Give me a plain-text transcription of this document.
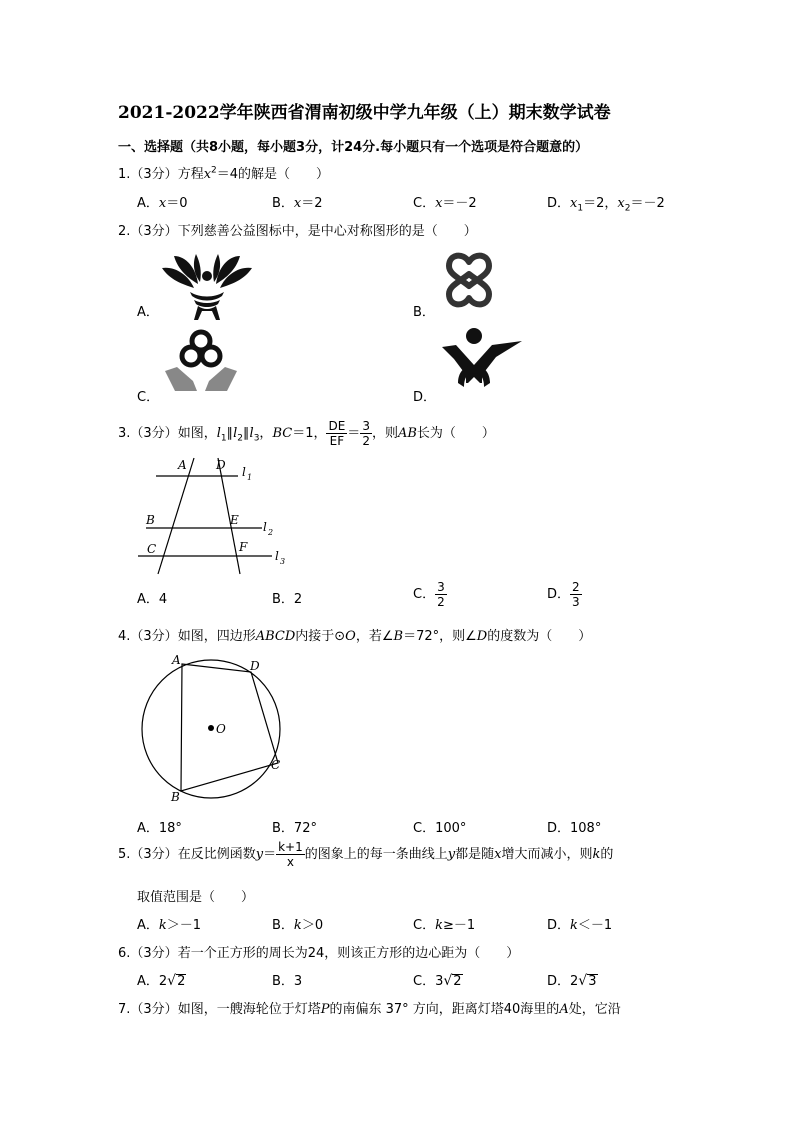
2021-2022学年陕西省渭南初级中学九年级（上）期末数学试卷
一、选择题（共8小题，每小题3分，计24分.每小题只有一个选项是符合题意的）
1.（3分）方程$x^2=4$的解是（　　）
A．x＝0	B．x＝2	C．x＝－2	D．$x_1=2$，$x_2=-2$
2.（3分）下列慈善公益图标中，是中心对称图形的是（　　）
A．	B．
C．	D．
3.（3分）如图，$l_1\parallel l_2\parallel l_3$，BC＝1， $\frac{DE}{EF} = \frac{3}{2}$ ，则AB长为（　　）
A D l 1
B	E l 2
C	F
l 3
A．4	B．2	C． $\frac{3}{2}$	D． $\frac{2}{3}$
4.（3分）如图，四边形ABCD内接于⊙O，若∠B＝72°，则∠D的度数为（　　）
A	D
O
C
B
A．18°	B．72°	C．100°	D．108°
5.（3分）在反比例函数$y= \frac{k+1}{x}$ 的图象上的每一条曲线上y都是随x增大而减小，则k的
取值范围是（　　）
A．k＞－1	B．k＞0	C．k≥－1	D．k＜－1
6.（3分）若一个正方形的周长为24，则该正方形的边心距为（　　）
A．2√2	B．3	C．3√2	D．2√3
7.（3分）如图，一艘海轮位于灯塔P的南偏东 37° 方向，距离灯塔40海里的A处，它沿
